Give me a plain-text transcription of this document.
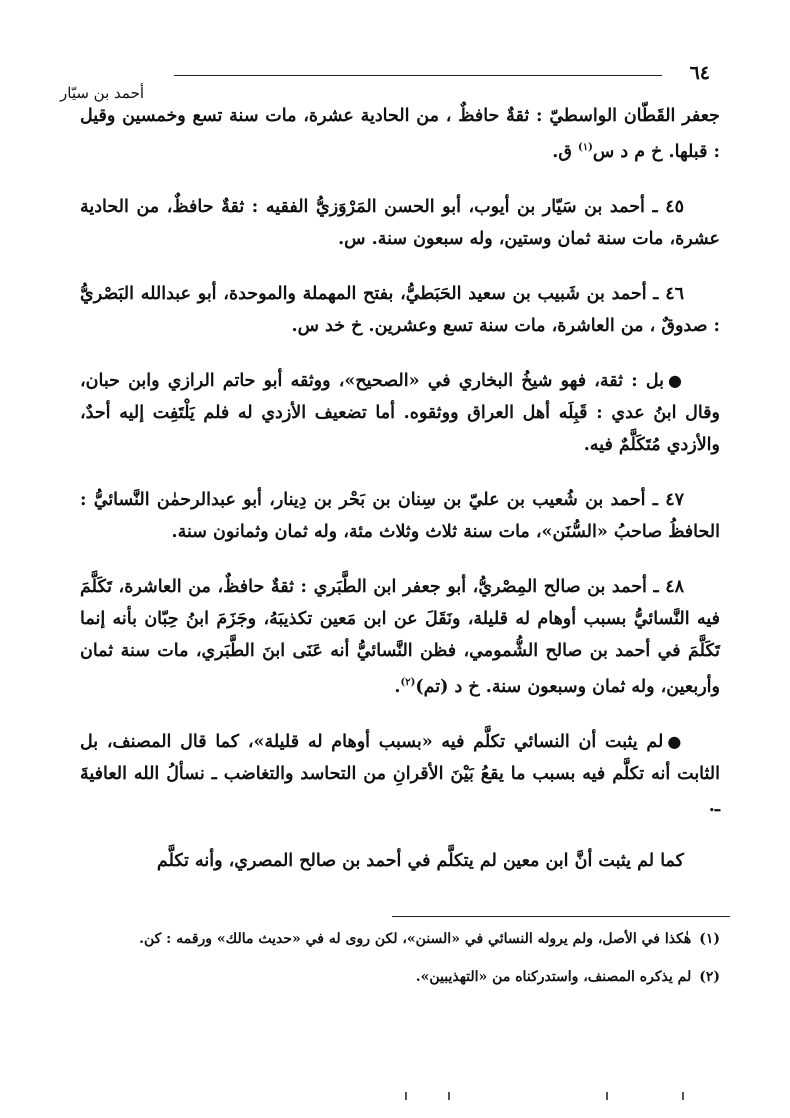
٦٤
أحمد بن سيّار

جعفر القَطّان الواسطيّ : ثقةٌ حافظٌ ، من الحادية عشرة، مات سنة تسع وخمسين وقيل : قبلها. خ م د س$^{(١)}$ ق.

٤٥ ـ أحمد بن سَيّار بن أيوب، أبو الحسن المَرْوَزيُّ الفقيه : ثقةٌ حافظٌ، من الحادية عشرة، مات سنة ثمان وستين، وله سبعون سنة. س.

٤٦ ـ أحمد بن شَبيب بن سعيد الحَبَطيُّ، بفتح المهملة والموحدة، أبو عبدالله البَصْريُّ : صدوقٌ ، من العاشرة، مات سنة تسع وعشرين. خ خد س.

●بل : ثقة، فهو شيخُ البخاري في «الصحيح»، ووثقه أبو حاتم الرازي وابن حبان، وقال ابنُ عدي : قَبِلَه أهل العراق ووثقوه. أما تضعيف الأزدي له فلم يَلْتَفِت إليه أحدٌ، والأزدي مُتَكَلَّمٌ فيه.

٤٧ ـ أحمد بن شُعيب بن عليّ بن سِنان بن بَحْر بن دِينار، أبو عبدالرحمٰن النَّسائيُّ : الحافظُ صاحبُ «السُّنَن»، مات سنة ثلاث وثلاث مئة، وله ثمان وثمانون سنة.

٤٨ ـ أحمد بن صالح المِصْريُّ، أبو جعفر ابن الطَّبَري : ثقةٌ حافظٌ، من العاشرة، تَكَلَّمَ فيه النَّسائيُّ بسبب أوهام له قليلة، ونَقَلَ عن ابن مَعين تكذيبَهُ، وجَزَمَ ابنُ حِبّان بأنه إنما تَكَلَّمَ في أحمد بن صالح الشُّمومي، فظن النَّسائيُّ أنه عَنَى ابنَ الطَّبَري، مات سنة ثمان وأربعين، وله ثمان وسبعون سنة. خ د (تم)$^{(٢)}$.

●لم يثبت أن النسائي تكلَّم فيه «بسبب أوهام له قليلة»، كما قال المصنف، بل الثابت أنه تكلَّم فيه بسبب ما يقعُ بَيْنَ الأقرانِ من التحاسد والتغاضب ـ نسألُ الله العافيةَ ـ.

كما لم يثبت أنَّ ابن معين لم يتكلَّم في أحمد بن صالح المصري، وأنه تكلَّم

(١)هٰكذا في الأصل، ولم يروله النسائي في «السنن»، لكن روى له في «حديث مالك» ورقمه : كن.

(٢)لم يذكره المصنف، واستدركناه من «التهذيبين».
